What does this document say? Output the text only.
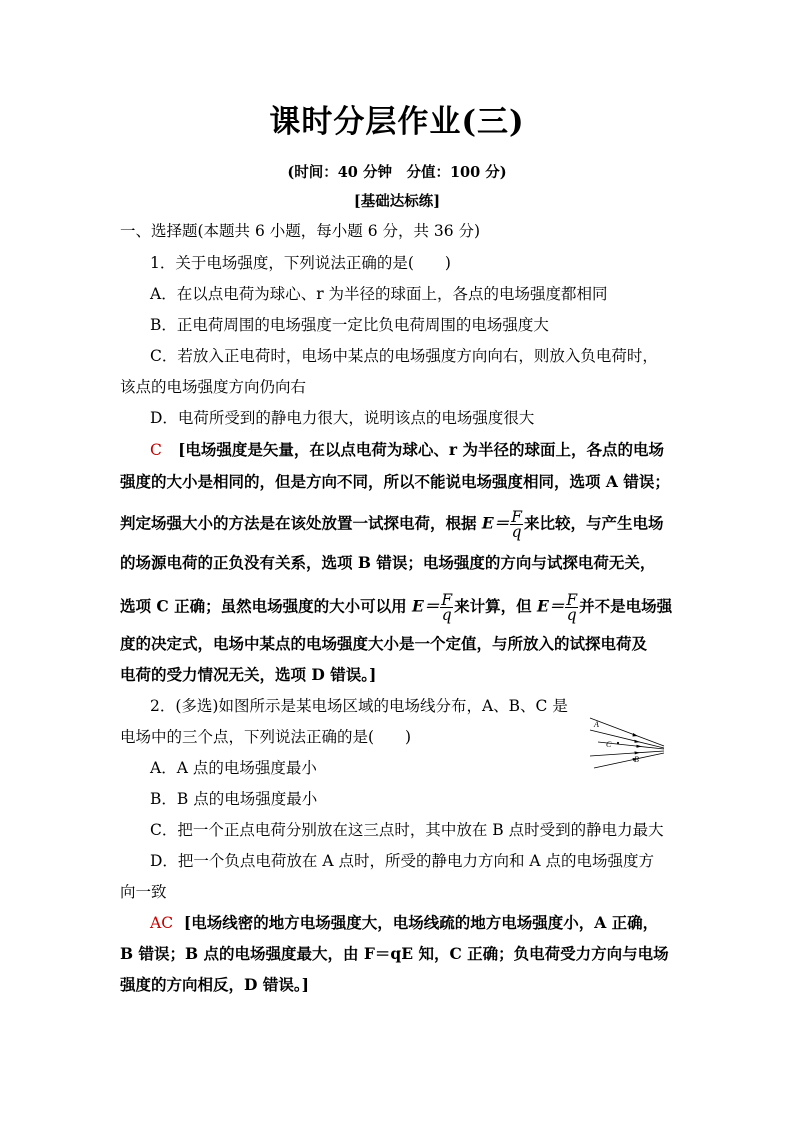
课时分层作业(三)
(时间：40 分钟　分值：100 分)
[基础达标练]
一、选择题(本题共 6 小题，每小题 6 分，共 36 分)
1．关于电场强度，下列说法正确的是(　　)
A．在以点电荷为球心、r 为半径的球面上，各点的电场强度都相同
B．正电荷周围的电场强度一定比负电荷周围的电场强度大
C．若放入正电荷时，电场中某点的电场强度方向向右，则放入负电荷时，
该点的电场强度方向仍向右
D．电荷所受到的静电力很大，说明该点的电场强度很大
C [电场强度是矢量，在以点电荷为球心、r 为半径的球面上，各点的电场
强度的大小是相同的，但是方向不同，所以不能说电场强度相同，选项 A 错误；
判定场强大小的方法是在该处放置一试探电荷，根据 $E= \frac{F}{q}$ 来比较，与产生电场
的场源电荷的正负没有关系，选项 B 错误；电场强度的方向与试探电荷无关，
选项 C 正确；虽然电场强度的大小可以用 $E= \frac{F}{q}$ 来计算，但 $E= \frac{F}{q}$ 并不是电场强
度的决定式，电场中某点的电场强度大小是一个定值，与所放入的试探电荷及
电荷的受力情况无关，选项 D 错误。]
2．(多选)如图所示是某电场区域的电场线分布，A、B、C 是
电场中的三个点，下列说法正确的是(　　)
A
C
B
A．A 点的电场强度最小
B．B 点的电场强度最小
C．把一个正点电荷分别放在这三点时，其中放在 B 点时受到的静电力最大
D．把一个负点电荷放在 A 点时，所受的静电力方向和 A 点的电场强度方
向一致
AC [电场线密的地方电场强度大，电场线疏的地方电场强度小，A 正确，
B 错误；B 点的电场强度最大，由 F＝qE 知，C 正确；负电荷受力方向与电场
强度的方向相反，D 错误。]
